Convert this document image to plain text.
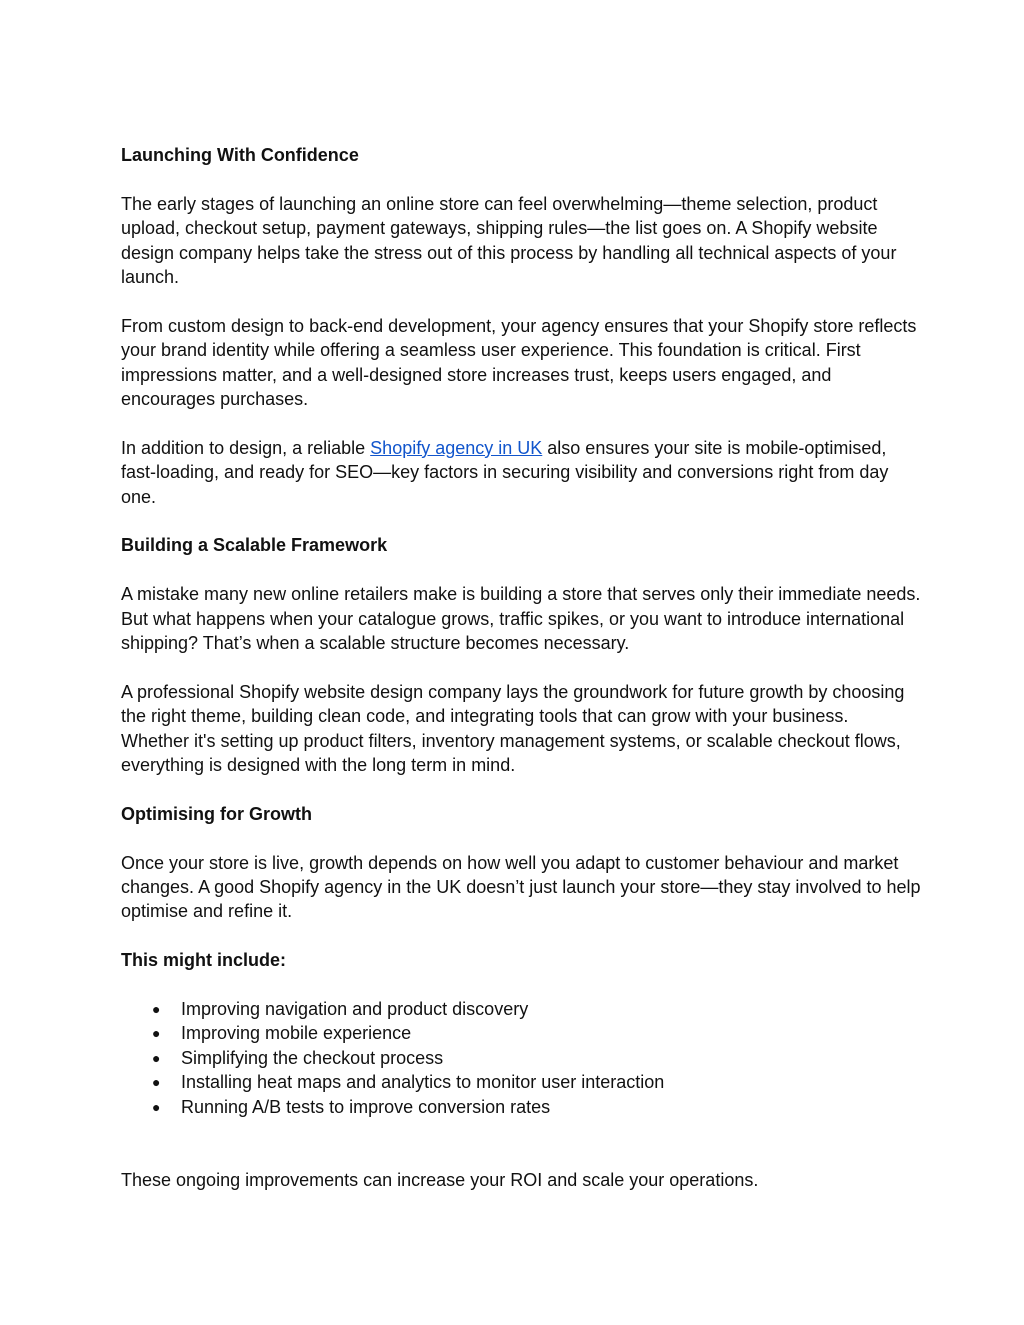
Launching With Confidence

The early stages of launching an online store can feel overwhelming—theme selection, product upload, checkout setup, payment gateways, shipping rules—the list goes on. A Shopify website design company helps take the stress out of this process by handling all technical aspects of your launch.

From custom design to back-end development, your agency ensures that your Shopify store reflects your brand identity while offering a seamless user experience. This foundation is critical. First impressions matter, and a well-designed store increases trust, keeps users engaged, and encourages purchases.

In addition to design, a reliable Shopify agency in UK also ensures your site is mobile-optimised, fast-loading, and ready for SEO—key factors in securing visibility and conversions right from day one.

Building a Scalable Framework

A mistake many new online retailers make is building a store that serves only their immediate needs. But what happens when your catalogue grows, traffic spikes, or you want to introduce international shipping? That’s when a scalable structure becomes necessary.

A professional Shopify website design company lays the groundwork for future growth by choosing the right theme, building clean code, and integrating tools that can grow with your business. Whether it's setting up product filters, inventory management systems, or scalable checkout flows, everything is designed with the long term in mind.

Optimising for Growth

Once your store is live, growth depends on how well you adapt to customer behaviour and market changes. A good Shopify agency in the UK doesn’t just launch your store—they stay involved to help optimise and refine it.

This might include:
● Improving navigation and product discovery
● Improving mobile experience
● Simplifying the checkout process
● Installing heat maps and analytics to monitor user interaction
● Running A/B tests to improve conversion rates

These ongoing improvements can increase your ROI and scale your operations.
